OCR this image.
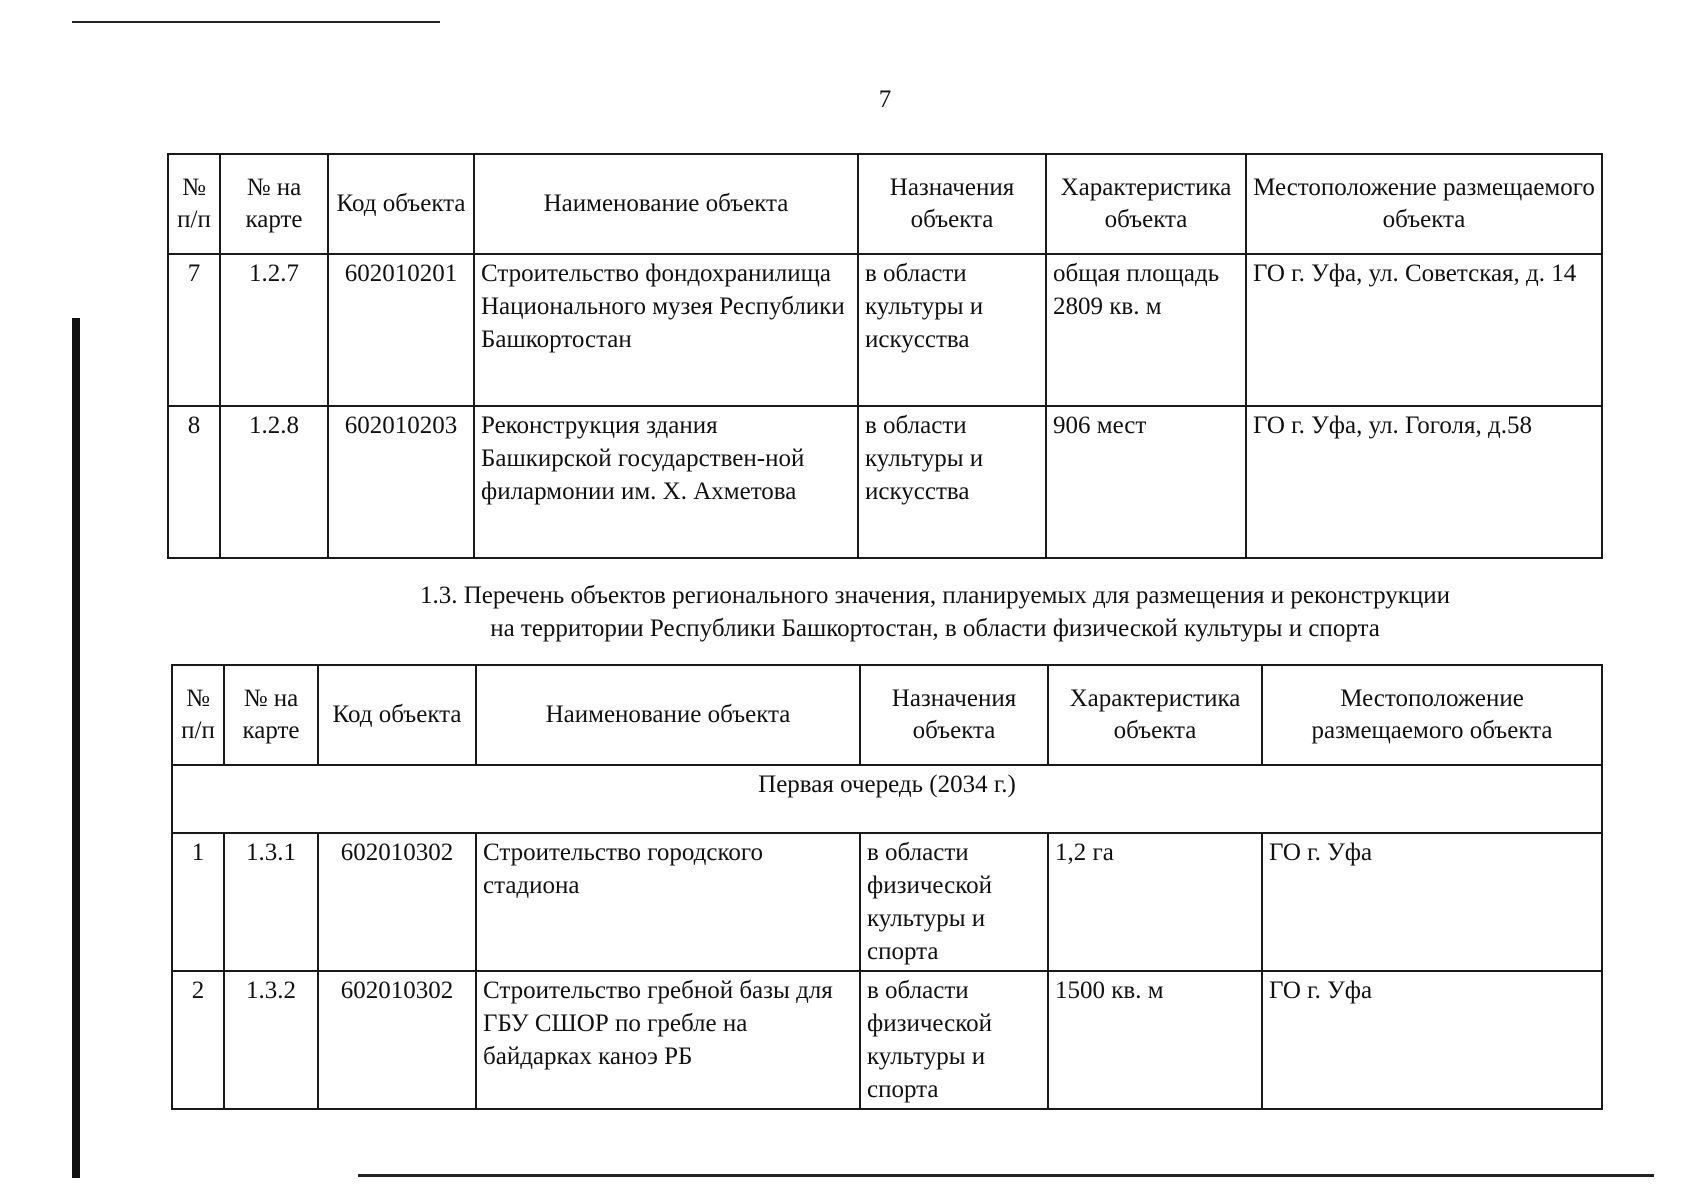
7
№ п/п	№ на карте	Код объекта	Наименование объекта	Назначения объекта	Характеристика объекта	Местоположение размещаемого объекта
7	1.2.7	602010201	Строительство фондохранилища Национального музея Республики Башкортостан	в области культуры и искусства	общая площадь 2809 кв. м	ГО г. Уфа, ул. Советская, д. 14
8	1.2.8	602010203	Реконструкция здания Башкирской государствен-ной филармонии им. Х. Ахметова	в области культуры и искусства	906 мест	ГО г. Уфа, ул. Гоголя, д.58
1.3. Перечень объектов регионального значения, планируемых для размещения и реконструкции
на территории Республики Башкортостан, в области физической культуры и спорта
№ п/п	№ на карте	Код объекта	Наименование объекта	Назначения объекта	Характеристика объекта	Местоположение размещаемого объекта
Первая очередь (2034 г.)						
1	1.3.1	602010302	Строительство городского стадиона	в области физической культуры и спорта	1,2 га	ГО г. Уфа
2	1.3.2	602010302	Строительство гребной базы для ГБУ СШОР по гребле на байдарках каноэ РБ	в области физической культуры и спорта	1500 кв. м	ГО г. Уфа
